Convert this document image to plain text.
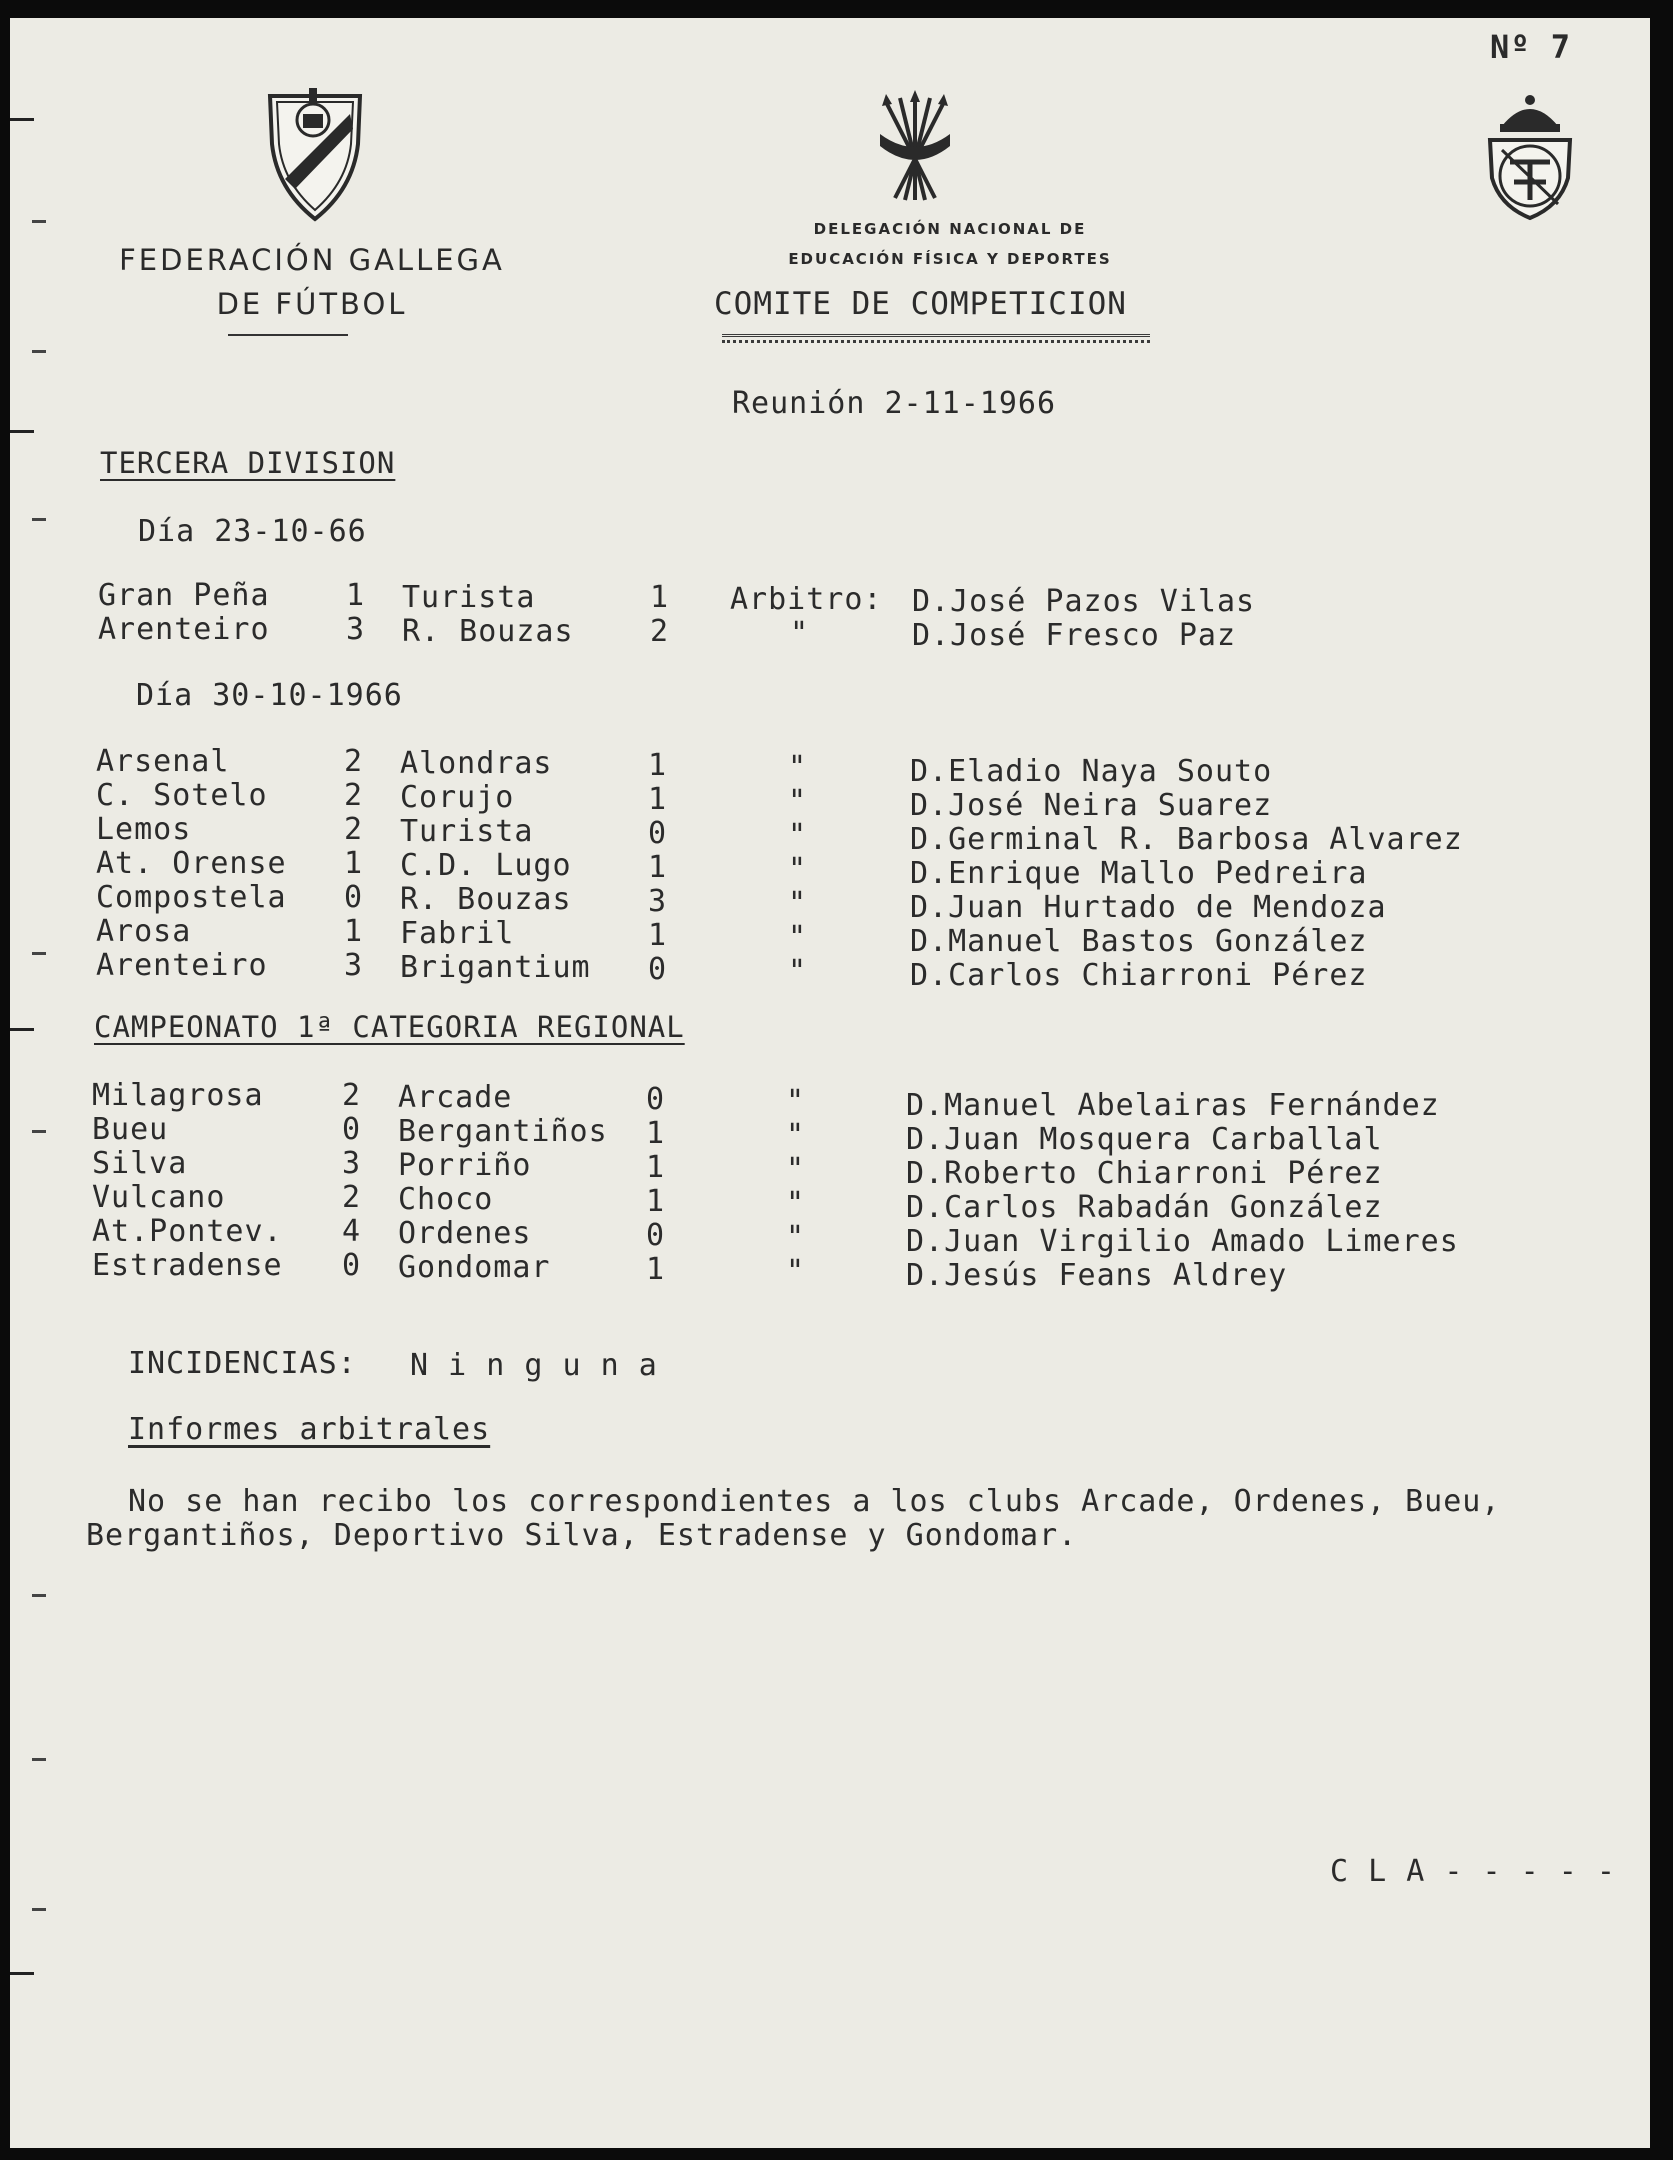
Nº 7
FEDERACIÓN GALLEGA
DE FÚTBOL
DELEGACIÓN NACIONAL DE
EDUCACIÓN FÍSICA Y DEPORTES
COMITE DE COMPETICION
Reunión 2-11-1966
TERCERA DIVISION
Día 23-10-66
Gran Peña	1 Turista	1 Arbitro: D.José Pazos Vilas
Arenteiro	3 R. Bouzas	2	"	D.José Fresco Paz
Día 30-10-1966
Arsenal	2 Alondras	1	"	D.Eladio Naya Souto
C. Sotelo	2 Corujo	1	"	D.José Neira Suarez
Lemos	2 Turista	0	"	D.Germinal R. Barbosa Alvarez
At. Orense 1 C.D. Lugo	1	"	D.Enrique Mallo Pedreira
Compostela 0 R. Bouzas	3	"	D.Juan Hurtado de Mendoza
Arosa	1 Fabril	1	"	D.Manuel Bastos González
Arenteiro	3 Brigantium 0	"	D.Carlos Chiarroni Pérez
CAMPEONATO 1ª CATEGORIA REGIONAL
Milagrosa	2 Arcade	0	"	D.Manuel Abelairas Fernández
Bueu	0 Bergantiños 1	"	D.Juan Mosquera Carballal
Silva	3 Porriño	1	"	D.Roberto Chiarroni Pérez
Vulcano	2 Choco	1	"	D.Carlos Rabadán González
At.Pontev. 4 Ordenes	0	"	D.Juan Virgilio Amado Limeres
Estradense 0 Gondomar	1	"	D.Jesús Feans Aldrey
INCIDENCIAS: N i n g u n a
Informes arbitrales
No se han recibo los correspondientes a los clubs Arcade, Ordenes, Bueu,
Bergantiños, Deportivo Silva, Estradense y Gondomar.
C L A - - - - -
